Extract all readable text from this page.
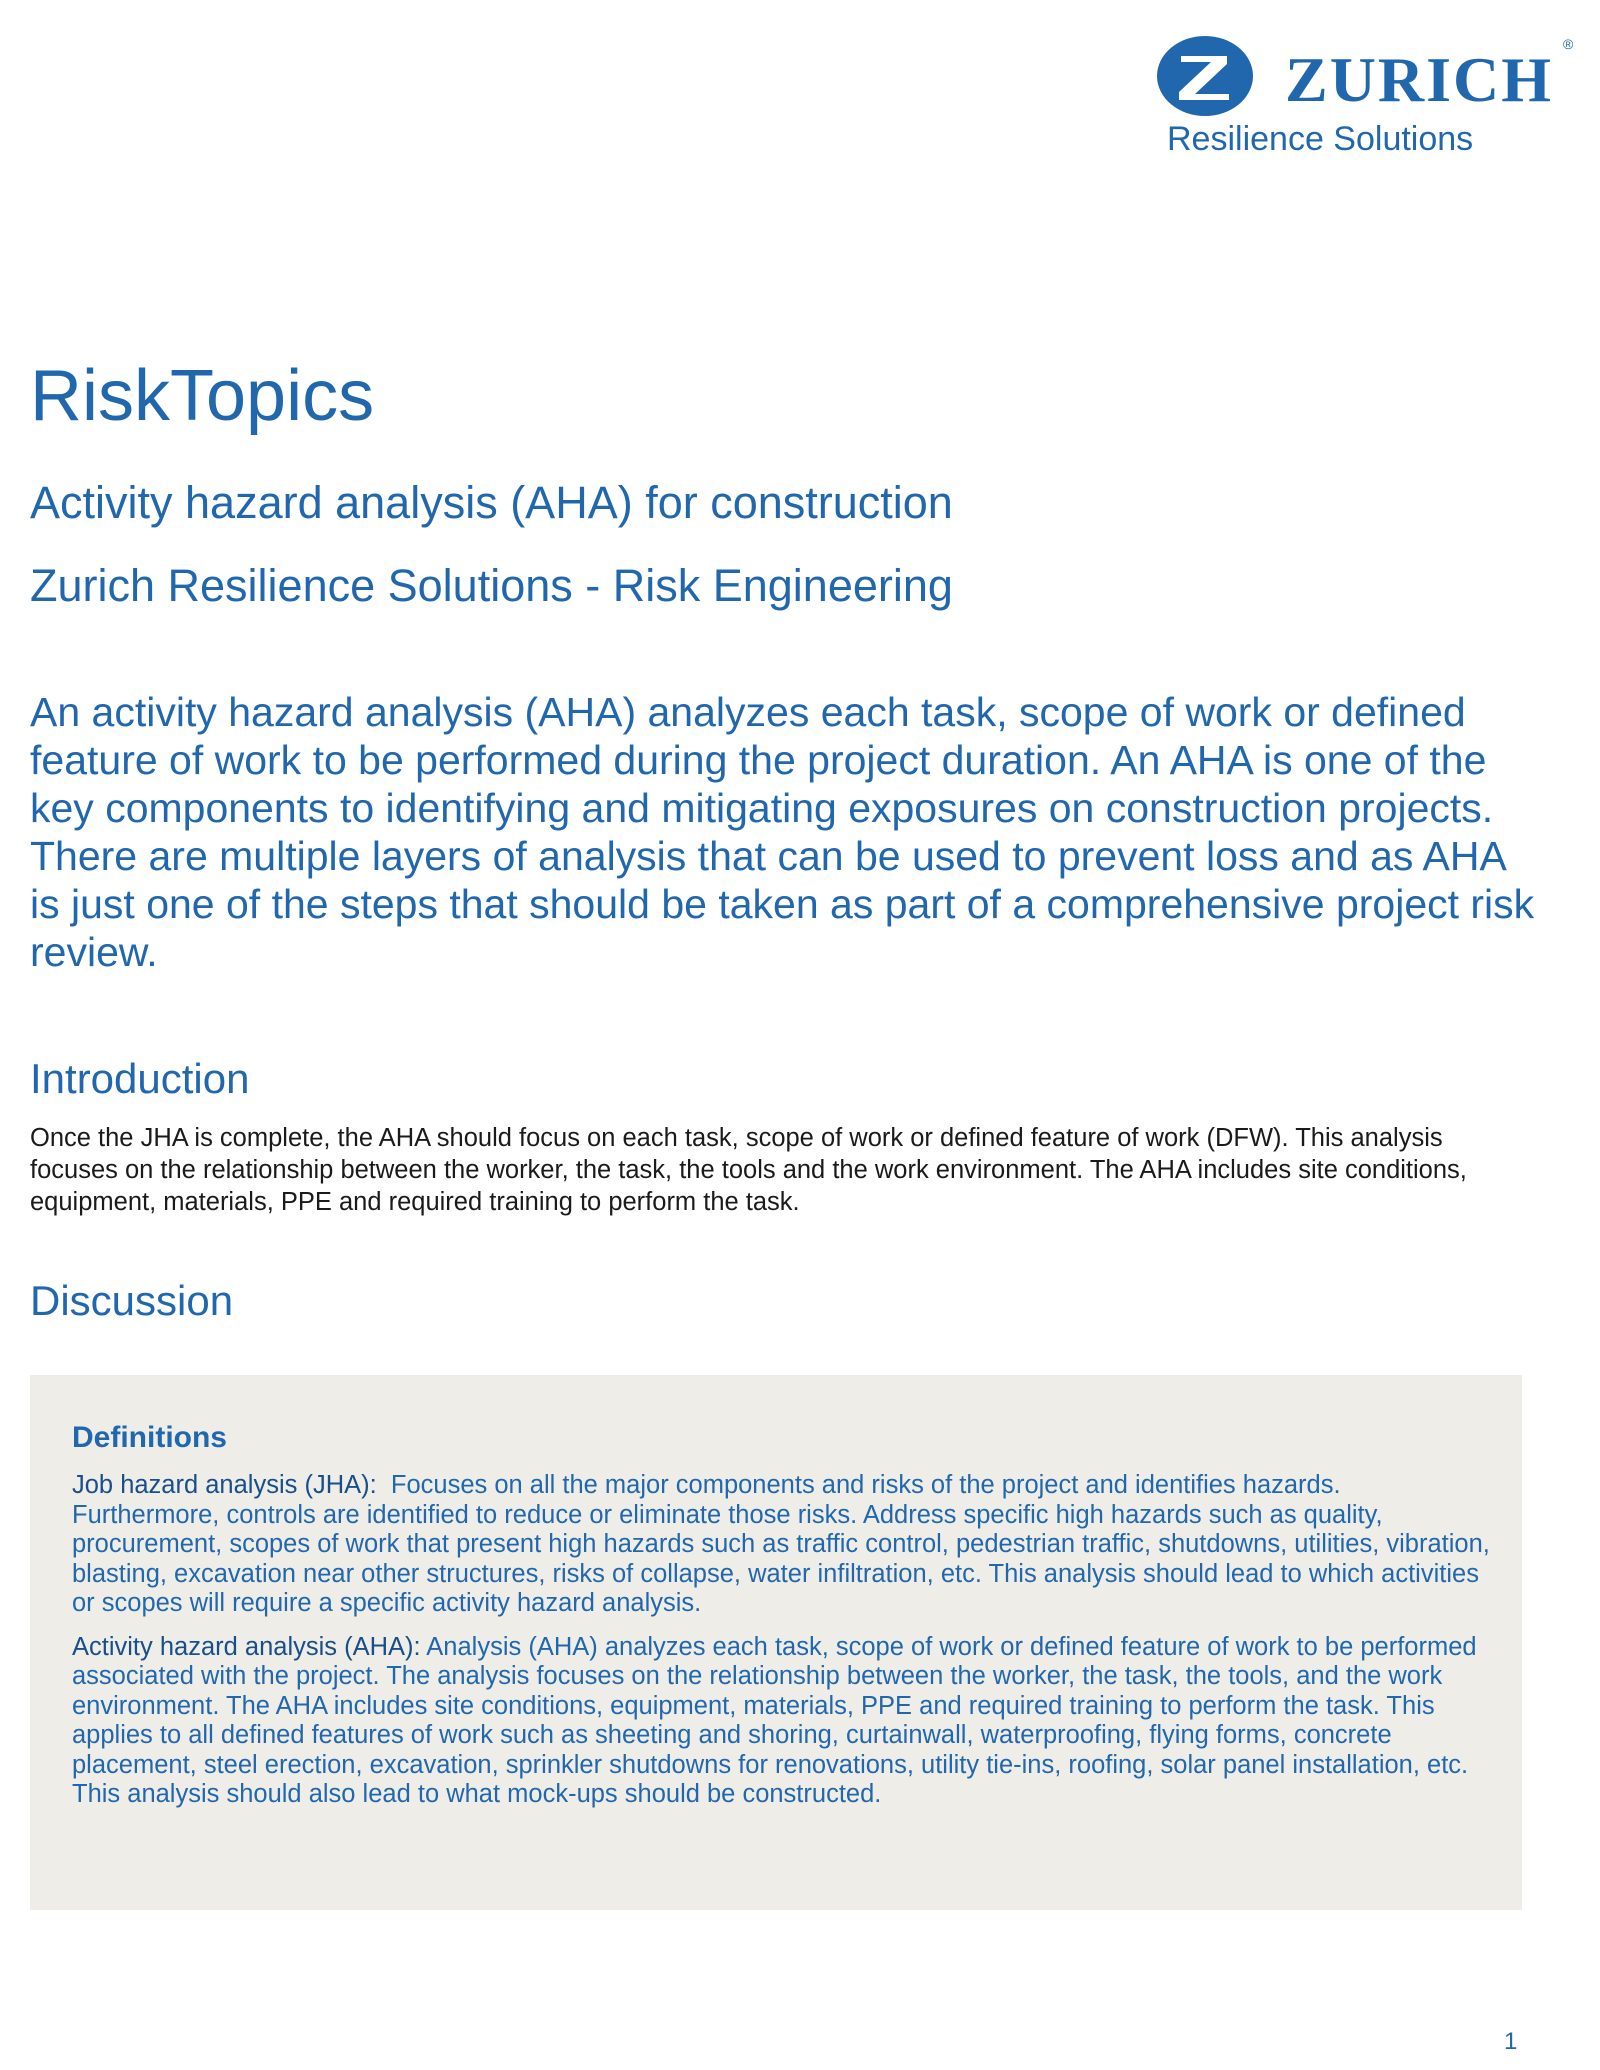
ZURICH ®
Resilience Solutions
RiskTopics
Activity hazard analysis (AHA) for construction
Zurich Resilience Solutions - Risk Engineering

An activity hazard analysis (AHA) analyzes each task, scope of work or defined feature of work to be performed during the project duration. An AHA is one of the key components to identifying and mitigating exposures on construction projects. There are multiple layers of analysis that can be used to prevent loss and as AHA is just one of the steps that should be taken as part of a comprehensive project risk review.

Introduction

Once the JHA is complete, the AHA should focus on each task, scope of work or defined feature of work (DFW). This analysis focuses on the relationship between the worker, the task, the tools and the work environment. The AHA includes site conditions, equipment, materials, PPE and required training to perform the task.

Discussion
Definitions

Job hazard analysis (JHA): Focuses on all the major components and risks of the project and identifies hazards. Furthermore, controls are identified to reduce or eliminate those risks. Address specific high hazards such as quality, procurement, scopes of work that present high hazards such as traffic control, pedestrian traffic, shutdowns, utilities, vibration, blasting, excavation near other structures, risks of collapse, water infiltration, etc. This analysis should lead to which activities or scopes will require a specific activity hazard analysis.

Activity hazard analysis (AHA): Analysis (AHA) analyzes each task, scope of work or defined feature of work to be performed associated with the project. The analysis focuses on the relationship between the worker, the task, the tools, and the work environment. The AHA includes site conditions, equipment, materials, PPE and required training to perform the task. This applies to all defined features of work such as sheeting and shoring, curtainwall, waterproofing, flying forms, concrete placement, steel erection, excavation, sprinkler shutdowns for renovations, utility tie-ins, roofing, solar panel installation, etc. This analysis should also lead to what mock-ups should be constructed.

1
